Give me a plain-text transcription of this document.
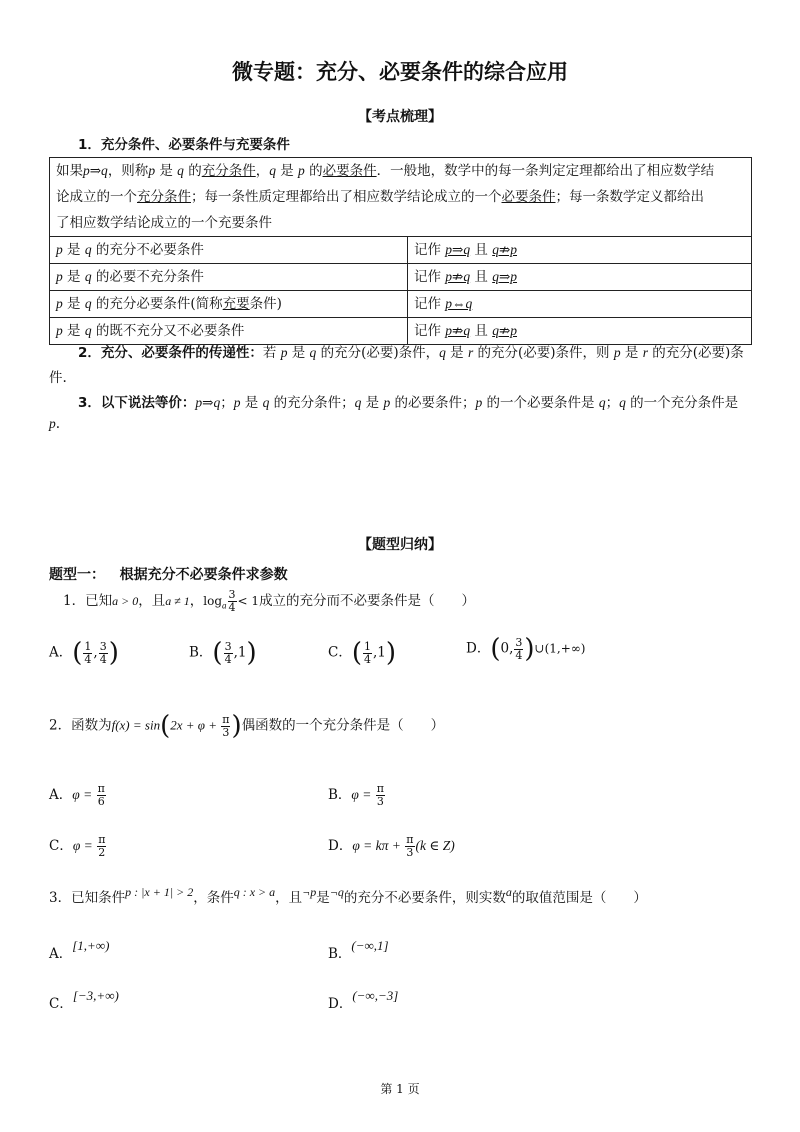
微专题：充分、必要条件的综合应用
【考点梳理】
1．充分条件、必要条件与充要条件
如果p⇒q，则称p 是 q 的充分条件，q 是 p 的必要条件．一般地，数学中的每一条判定定理都给出了相应数学结
论成立的一个充分条件；每一条性质定理都给出了相应数学结论成立的一个必要条件；每一条数学定义都给出
了相应数学结论成立的一个充要条件	

p 是 q 的充分不必要条件	记作 p⇒q 且 q⇏p
p 是 q 的必要不充分条件	记作 p⇏q 且 q⇒p
p 是 q 的充分必要条件(简称充要条件)	记作 p⇔q
p 是 q 的既不充分又不必要条件	记作 p⇏q 且 q⇏p
2．充分、必要条件的传递性：若 p 是 q 的充分(必要)条件，q 是 r 的充分(必要)条件，则 p 是 r 的充分(必要)条
件.
3．以下说法等价：p⇒q；p 是 q 的充分条件；q 是 p 的必要条件；p 的一个必要条件是 q；q 的一个充分条件是
p.
【题型归纳】
题型一： 根据充分不必要条件求参数
1．已知a > 0，且a ≠ 1，$\log_a \frac{3}{4} < 1$成立的充分而不必要条件是（　　）
A．( $\frac{1}{4}$ , $\frac{3}{4}$ )	B．( $\frac{3}{4} ,1$)	C．( $\frac{1}{4} ,1$)	D．(0, $\frac{3}{4}$ )∪(1,+∞)
2．函数为$f(x) = \sin(2x + \varphi + \frac{\pi}{3}$ )偶函数的一个充分条件是（　　）
A．$\varphi = \frac{\pi}{6}$	B．$\varphi = \frac{\pi}{3}$
C．$\varphi = \frac{\pi}{2}$	D．$\varphi = k\pi + \frac{\pi}{3} (k$ ∈ Z)
3．已知条件p : |x + 1| > 2，条件q : x > a，且¬p是¬q的充分不必要条件，则实数a的取值范围是（　　）
A．[1,+∞)
B．(−∞,1]
C．[−3,+∞)
D．(−∞,−3]
第 1 页
